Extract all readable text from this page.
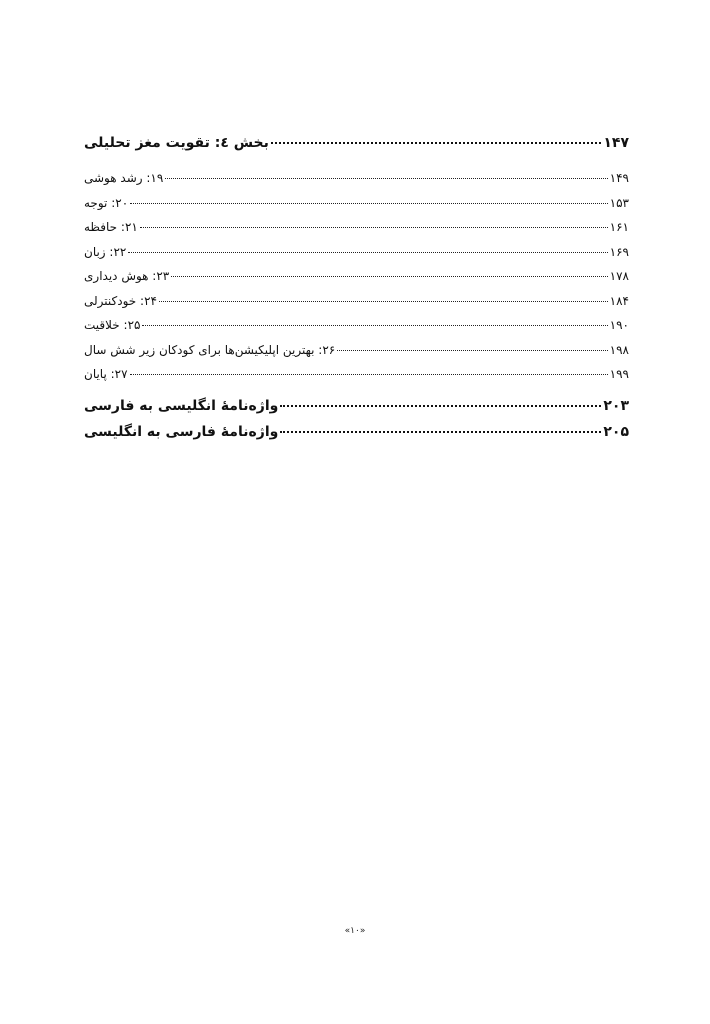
بخش ٤: تقویت مغز تحلیلی	۱۴۷
۱۹: رشد هوشی	۱۴۹
۲۰: توجه	۱۵۳
۲۱: حافظه	۱۶۱
۲۲: زبان	۱۶۹
۲۳: هوش دیداری	۱۷۸
۲۴: خودکنترلی	۱۸۴
۲۵: خلاقیت	۱۹۰
۲۶: بهترین اپلیکیشن‌ها برای کودکان زیر شش سال	۱۹۸
۲۷: پایان	۱۹۹
واژه‌نامهٔ انگلیسی به فارسی	۲۰۳
واژه‌نامهٔ فارسی به انگلیسی	۲۰۵
«۱۰»
